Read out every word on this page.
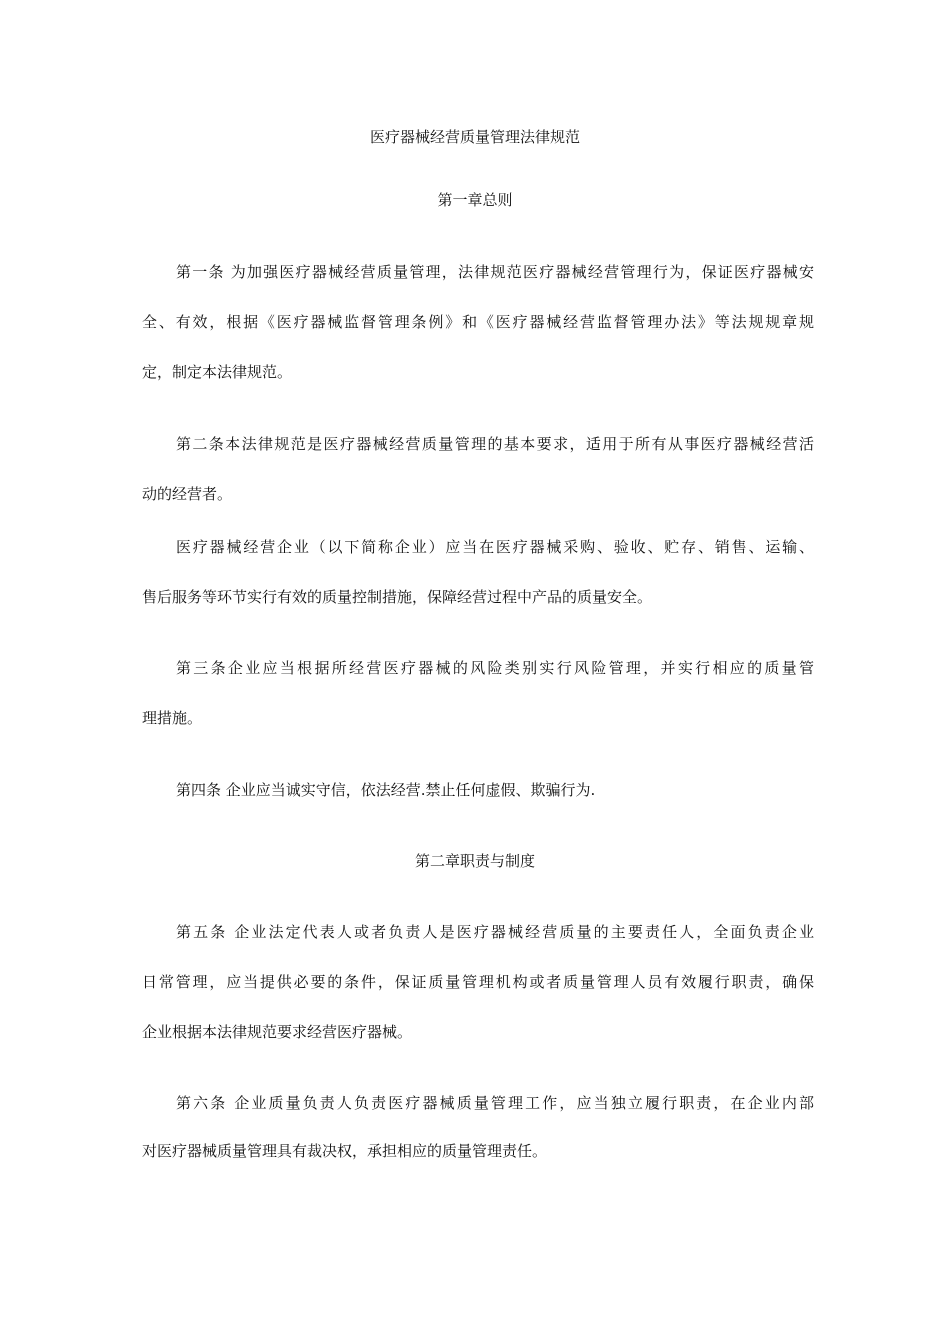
医疗器械经营质量管理法律规范
第一章总则
第一条 为加强医疗器械经营质量管理，法律规范医疗器械经营管理行为，保证医疗器械安
全、有效，根据《医疗器械监督管理条例》和《医疗器械经营监督管理办法》等法规规章规
定，制定本法律规范。
第二条本法律规范是医疗器械经营质量管理的基本要求，适用于所有从事医疗器械经营活
动的经营者。
医疗器械经营企业（以下简称企业）应当在医疗器械采购、验收、贮存、销售、运输、
售后服务等环节实行有效的质量控制措施，保障经营过程中产品的质量安全。
第三条企业应当根据所经营医疗器械的风险类别实行风险管理，并实行相应的质量管
理措施。
第四条 企业应当诚实守信，依法经营.禁止任何虚假、欺骗行为.
第二章职责与制度
第五条 企业法定代表人或者负责人是医疗器械经营质量的主要责任人，全面负责企业
日常管理，应当提供必要的条件，保证质量管理机构或者质量管理人员有效履行职责，确保
企业根据本法律规范要求经营医疗器械。
第六条 企业质量负责人负责医疗器械质量管理工作，应当独立履行职责，在企业内部
对医疗器械质量管理具有裁决权，承担相应的质量管理责任。
